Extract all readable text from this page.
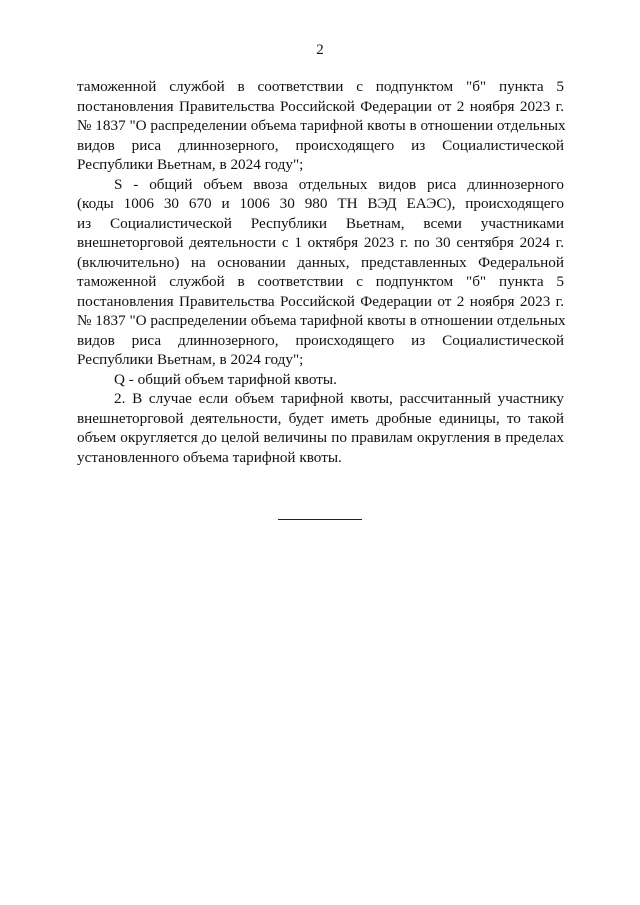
2
таможенной службой в соответствии с подпунктом "б" пункта 5
постановления Правительства Российской Федерации от 2 ноября 2023 г.
№ 1837 "О распределении объема тарифной квоты в отношении отдельных
видов риса длиннозерного, происходящего из Социалистической
Республики Вьетнам, в 2024 году";
S - общий объем ввоза отдельных видов риса длиннозерного
(коды 1006 30 670 и 1006 30 980 ТН ВЭД ЕАЭС), происходящего
из Социалистической Республики Вьетнам, всеми участниками
внешнеторговой деятельности с 1 октября 2023 г. по 30 сентября 2024 г.
(включительно) на основании данных, представленных Федеральной
таможенной службой в соответствии с подпунктом "б" пункта 5
постановления Правительства Российской Федерации от 2 ноября 2023 г.
№ 1837 "О распределении объема тарифной квоты в отношении отдельных
видов риса длиннозерного, происходящего из Социалистической
Республики Вьетнам, в 2024 году";
Q - общий объем тарифной квоты.
2. В случае если объем тарифной квоты, рассчитанный участнику
внешнеторговой деятельности, будет иметь дробные единицы, то такой
объем округляется до целой величины по правилам округления в пределах
установленного объема тарифной квоты.
